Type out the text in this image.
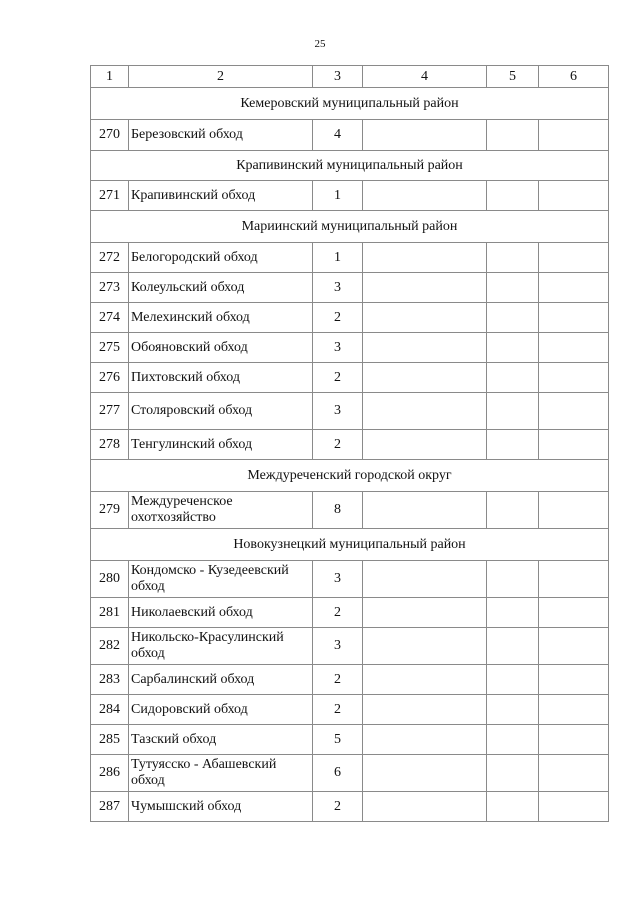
25
1	2	3	4	5	6
Кемеровский муниципальный район					
270	Березовский обход	4			
Крапивинский муниципальный район					
271	Крапивинский обход	1			
Мариинский муниципальный район					
272	Белогородский обход	1			
273	Колеульский обход	3			
274	Мелехинский обход	2			
275	Обояновский обход	3			
276	Пихтовский обход	2			
277	Столяровский обход	3			
278	Тенгулинский обход	2			
Междуреченский городской округ					
279	Междуреченское охотхозяйство	8			
Новокузнецкий муниципальный район					
280	Кондомско - Кузедеевский обход	3			
281	Николаевский обход	2			
282	Никольско-Красулинский обход	3			
283	Сарбалинский обход	2			
284	Сидоровский обход	2			
285	Тазский обход	5			
286	Тутуясско - Абашевский обход	6			
287	Чумышский обход	2			
